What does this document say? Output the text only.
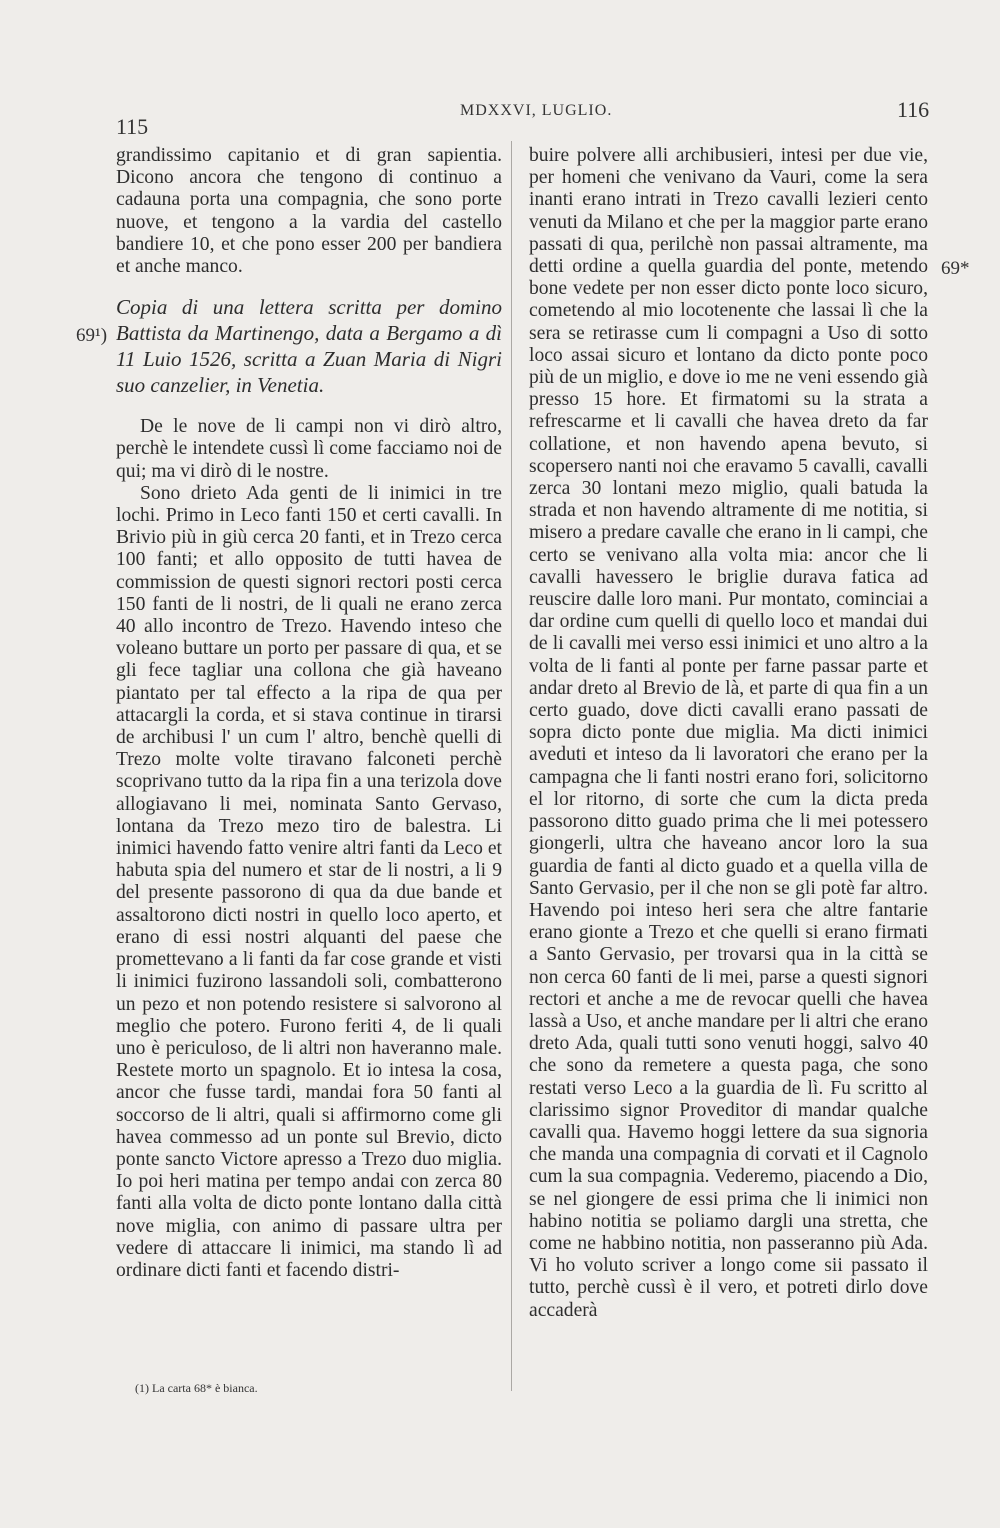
115
MDXXVI, LUGLIO.	116
69¹)
69*

grandissimo capitanio et di gran sapientia. Dicono ancora che tengono di continuo a cadauna porta una compagnia, che sono porte nuove, et tengono a la vardia del castello bandiere 10, et che pono esser 200 per bandiera et anche manco.

Copia di una lettera scritta per domino Battista da Martinengo, data a Bergamo a dì 11 Luio 1526, scritta a Zuan Maria di Nigri suo canzelier, in Venetia.

De le nove de li campi non vi dirò altro, perchè le intendete cussì lì come facciamo noi de qui; ma vi dirò di le nostre.

Sono drieto Ada genti de li inimici in tre lochi. Primo in Leco fanti 150 et certi cavalli. In Brivio più in giù cerca 20 fanti, et in Trezo cerca 100 fanti; et allo opposito de tutti havea de commission de questi signori rectori posti cerca 150 fanti de li nostri, de li quali ne erano zerca 40 allo incontro de Trezo. Havendo inteso che voleano buttare un porto per passare di qua, et se gli fece tagliar una collona che già haveano piantato per tal effecto a la ripa de qua per attacargli la corda, et si stava continue in tirarsi de archibusi l' un cum l' altro, benchè quelli di Trezo molte volte tiravano falconeti perchè scoprivano tutto da la ripa fin a una terizola dove allogiavano li mei, nominata Santo Gervaso, lontana da Trezo mezo tiro de balestra. Li inimici havendo fatto venire altri fanti da Leco et habuta spia del numero et star de li nostri, a li 9 del presente passorono di qua da due bande et assaltorono dicti nostri in quello loco aperto, et erano di essi nostri alquanti del paese che promettevano a li fanti da far cose grande et visti li inimici fuzirono lassandoli soli, combatterono un pezo et non potendo resistere si salvorono al meglio che potero. Furono feriti 4, de li quali uno è periculoso, de li altri non haveranno male. Restete morto un spagnolo. Et io intesa la cosa, ancor che fusse tardi, mandai fora 50 fanti al soccorso de li altri, quali si affirmorno come gli havea commesso ad un ponte sul Brevio, dicto ponte sancto Victore apresso a Trezo duo miglia. Io poi heri matina per tempo andai con zerca 80 fanti alla volta de dicto ponte lontano dalla città nove miglia, con animo di passare ultra per vedere di attaccare li inimici, ma stando lì ad ordinare dicti fanti et facendo distri-

buire polvere alli archibusieri, intesi per due vie, per homeni che venivano da Vauri, come la sera inanti erano intrati in Trezo cavalli lezieri cento venuti da Milano et che per la maggior parte erano passati di qua, perilchè non passai altramente, ma detti ordine a quella guardia del ponte, metendo bone vedete per non esser dicto ponte loco sicuro, cometendo al mio locotenente che lassai lì che la sera se retirasse cum li compagni a Uso di sotto loco assai sicuro et lontano da dicto ponte poco più de un miglio, e dove io me ne veni essendo già presso 15 hore. Et firmatomi su la strata a refrescarme et li cavalli che havea dreto da far collatione, et non havendo apena bevuto, si scopersero nanti noi che eravamo 5 cavalli, cavalli zerca 30 lontani mezo miglio, quali batuda la strada et non havendo altramente di me notitia, si misero a predare cavalle che erano in li campi, che certo se venivano alla volta mia: ancor che li cavalli havessero le briglie durava fatica ad reuscire dalle loro mani. Pur montato, cominciai a dar ordine cum quelli di quello loco et mandai dui de li cavalli mei verso essi inimici et uno altro a la volta de li fanti al ponte per farne passar parte et andar dreto al Brevio de là, et parte di qua fin a un certo guado, dove dicti cavalli erano passati de sopra dicto ponte due miglia. Ma dicti inimici aveduti et inteso da li lavoratori che erano per la campagna che li fanti nostri erano fori, solicitorno el lor ritorno, di sorte che cum la dicta preda passorono ditto guado prima che li mei potessero giongerli, ultra che haveano ancor loro la sua guardia de fanti al dicto guado et a quella villa de Santo Gervasio, per il che non se gli potè far altro. Havendo poi inteso heri sera che altre fantarie erano gionte a Trezo et che quelli si erano firmati a Santo Gervasio, per trovarsi qua in la città se non cerca 60 fanti de li mei, parse a questi signori rectori et anche a me de revocar quelli che havea lassà a Uso, et anche mandare per li altri che erano dreto Ada, quali tutti sono venuti hoggi, salvo 40 che sono da remetere a questa paga, che sono restati verso Leco a la guardia de lì. Fu scritto al clarissimo signor Proveditor di mandar qualche cavalli qua. Havemo hoggi lettere da sua signoria che manda una compagnia di corvati et il Cagnolo cum la sua compagnia. Vederemo, piacendo a Dio, se nel giongere de essi prima che li inimici non habino notitia se poliamo dargli una stretta, che come ne habbino notitia, non passeranno più Ada. Vi ho voluto scriver a longo come sii passato il tutto, perchè cussì è il vero, et potreti dirlo dove accaderà

(1) La carta 68* è bianca.
